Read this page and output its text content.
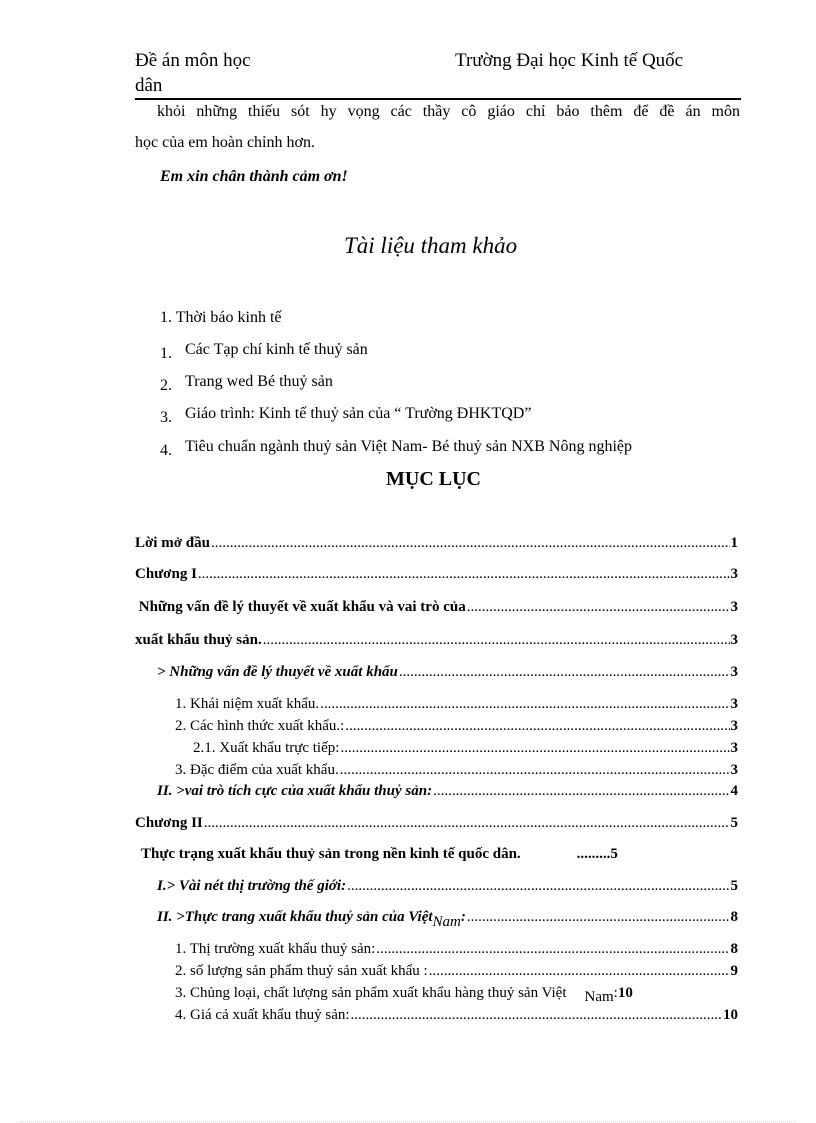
Đề án môn học
dân
Trường Đại học Kinh tế Quốc
khỏi những thiếu sót hy vọng các thầy cô giáo chỉ bảo thêm để đề án môn
học của em hoàn chỉnh hơn.
Em xin chân thành cảm ơn!
Tài liệu tham khảo
1. Thời báo kinh tế
1. Các Tạp chí kinh tế thuỷ sản
2. Trang wed Bé thuỷ sản
3. Giáo trình: Kinh tế thuỷ sản của “ Trường ĐHKTQD”
4. Tiêu chuẩn ngành thuỷ sản Việt Nam- Bé thuỷ sản NXB Nông nghiệp
MỤC LỤC
Lời mở đầu .....	1
Chương I .....	3
Những vấn đề lý thuyết về xuất khẩu và vai trò của .....	3
xuất khẩu thuỷ sản. .....	3
> Những vấn đề lý thuyết về xuất khẩu .....	3
1. Khái niệm xuất khẩu. .....	3
2. Các hình thức xuất khẩu.: .....	3
2.1. Xuất khẩu trực tiếp: .....	3
3. Đặc điểm của xuất khẩu. .....	3
II. >vai trò tích cực của xuất khẩu thuỷ sản: .....	4
Chương II .....	5
Thực trạng xuất khẩu thuỷ sản trong nền kinh tế quốc dân.	......... 5
I.> Vài nét thị trường thế giới: .....	5
II. >Thực trang xuất khẩu thuỷ sản của Việt Nam : .....	8
1. Thị trường xuất khẩu thuỷ sản: .....	8
2. số lượng sản phẩm thuỷ sản xuất khẩu : .....	9
3. Chủng loại, chất lượng sản phẩm xuất khẩu hàng thuỷ sản Việt Nam : 10
4. Giá cả xuất khẩu thuỷ sản: .....	10
